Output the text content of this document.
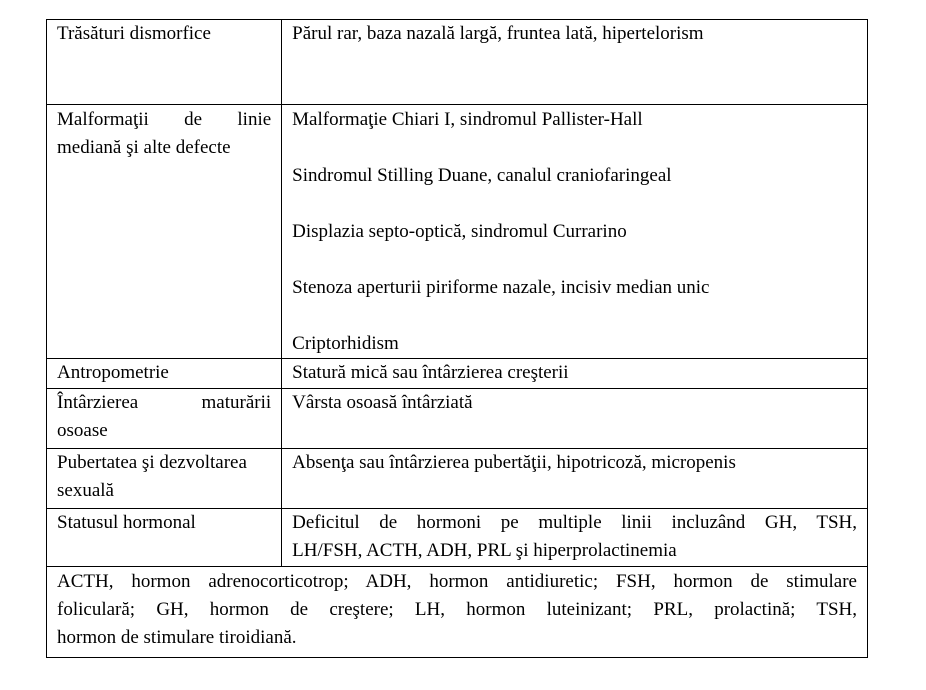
Trăsături dismorfice	Părul rar, baza nazală largă, fruntea lată, hipertelorism

Malformaţii de linie
mediană şi alte defecte	Malformaţie Chiari I, sindromul Pallister-Hall
Sindromul Stilling Duane, canalul craniofaringeal
Displazia septo-optică, sindromul Currarino
Stenoza aperturii piriforme nazale, incisiv median unic
Criptorhidism

Antropometrie	Statură mică sau întârzierea creşterii

Întârzierea maturării
osoase	Vârsta osoasă întârziată

Pubertatea şi dezvoltarea
sexuală	Absenţa sau întârzierea pubertăţii, hipotricoză, micropenis
Statusul hormonal	Deficitul de hormoni pe multiple linii incluzând GH, TSH,
LH/FSH, ACTH, ADH, PRL şi hiperprolactinemia

ACTH, hormon adrenocorticotrop; ADH, hormon antidiuretic; FSH, hormon de stimulare
foliculară; GH, hormon de creştere; LH, hormon luteinizant; PRL, prolactină; TSH,
hormon de stimulare tiroidiană.	
